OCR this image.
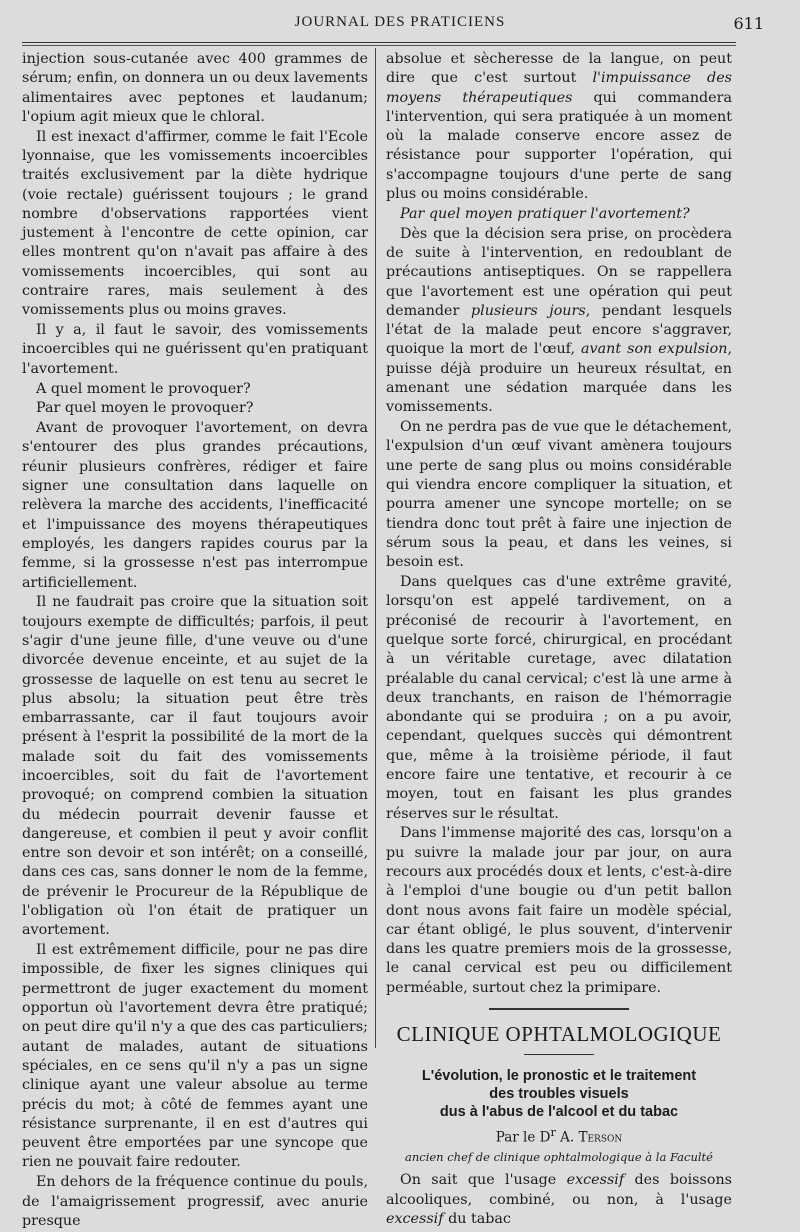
JOURNAL DES PRATICIENS	611

injection sous-cutanée avec 400 grammes de sérum; enfin, on donnera un ou deux lavements alimentaires avec peptones et laudanum; l'opium agit mieux que le chloral.

Il est inexact d'affirmer, comme le fait l'Ecole lyonnaise, que les vomissements incoercibles traités exclusivement par la diète hydrique (voie rectale) guérissent toujours ; le grand nombre d'observations rapportées vient justement à l'encontre de cette opinion, car elles montrent qu'on n'avait pas affaire à des vomissements incoercibles, qui sont au contraire rares, mais seulement à des vomissements plus ou moins graves.

Il y a, il faut le savoir, des vomissements incoercibles qui ne guérissent qu'en pratiquant l'avortement.

A quel moment le provoquer?

Par quel moyen le provoquer?

Avant de provoquer l'avortement, on devra s'entourer des plus grandes précautions, réunir plusieurs confrères, rédiger et faire signer une consultation dans laquelle on relèvera la marche des accidents, l'inefficacité et l'impuissance des moyens thérapeutiques employés, les dangers rapides courus par la femme, si la grossesse n'est pas interrompue artificiellement.

Il ne faudrait pas croire que la situation soit toujours exempte de difficultés; parfois, il peut s'agir d'une jeune fille, d'une veuve ou d'une divorcée devenue enceinte, et au sujet de la grossesse de laquelle on est tenu au secret le plus absolu; la situation peut être très embarrassante, car il faut toujours avoir présent à l'esprit la possibilité de la mort de la malade soit du fait des vomissements incoercibles, soit du fait de l'avortement provoqué; on comprend combien la situation du médecin pourrait devenir fausse et dangereuse, et combien il peut y avoir conflit entre son devoir et son intérêt; on a conseillé, dans ces cas, sans donner le nom de la femme, de prévenir le Procureur de la République de l'obligation où l'on était de pratiquer un avortement.

Il est extrêmement difficile, pour ne pas dire impossible, de fixer les signes cliniques qui permettront de juger exactement du moment opportun où l'avortement devra être pratiqué; on peut dire qu'il n'y a que des cas particuliers; autant de malades, autant de situations spéciales, en ce sens qu'il n'y a pas un signe clinique ayant une valeur absolue au terme précis du mot; à côté de femmes ayant une résistance surprenante, il en est d'autres qui peuvent être emportées par une syncope que rien ne pouvait faire redouter.

En dehors de la fréquence continue du pouls, de l'amaigrissement progressif, avec anurie presque

absolue et sècheresse de la langue, on peut dire que c'est surtout l'impuissance des moyens thérapeutiques qui commandera l'intervention, qui sera pratiquée à un moment où la malade conserve encore assez de résistance pour supporter l'opération, qui s'accompagne toujours d'une perte de sang plus ou moins considérable.

Par quel moyen pratiquer l'avortement?

Dès que la décision sera prise, on procèdera de suite à l'intervention, en redoublant de précautions antiseptiques. On se rappellera que l'avortement est une opération qui peut demander plusieurs jours, pendant lesquels l'état de la malade peut encore s'aggraver, quoique la mort de l'œuf, avant son expulsion, puisse déjà produire un heureux résultat, en amenant une sédation marquée dans les vomissements.

On ne perdra pas de vue que le détachement, l'expulsion d'un œuf vivant amènera toujours une perte de sang plus ou moins considérable qui viendra encore compliquer la situation, et pourra amener une syncope mortelle; on se tiendra donc tout prêt à faire une injection de sérum sous la peau, et dans les veines, si besoin est.

Dans quelques cas d'une extrême gravité, lorsqu'on est appelé tardivement, on a préconisé de recourir à l'avortement, en quelque sorte forcé, chirurgical, en procédant à un véritable curetage, avec dilatation préalable du canal cervical; c'est là une arme à deux tranchants, en raison de l'hémorragie abondante qui se produira ; on a pu avoir, cependant, quelques succès qui démontrent que, même à la troisième période, il faut encore faire une tentative, et recourir à ce moyen, tout en faisant les plus grandes réserves sur le résultat.

Dans l'immense majorité des cas, lorsqu'on a pu suivre la malade jour par jour, on aura recours aux procédés doux et lents, c'est-à-dire à l'emploi d'une bougie ou d'un petit ballon dont nous avons fait faire un modèle spécial, car étant obligé, le plus souvent, d'intervenir dans les quatre premiers mois de la grossesse, le canal cervical est peu ou difficilement perméable, surtout chez la primipare.

CLINIQUE OPHTALMOLOGIQUE
L'évolution, le pronostic et le traitement
des troubles visuels
dus à l'abus de l'alcool et du tabac
Par le $D^r$ A. Terson
ancien chef de clinique ophtalmologique à la Faculté

On sait que l'usage excessif des boissons alcooliques, combiné, ou non, à l'usage excessif du tabac
